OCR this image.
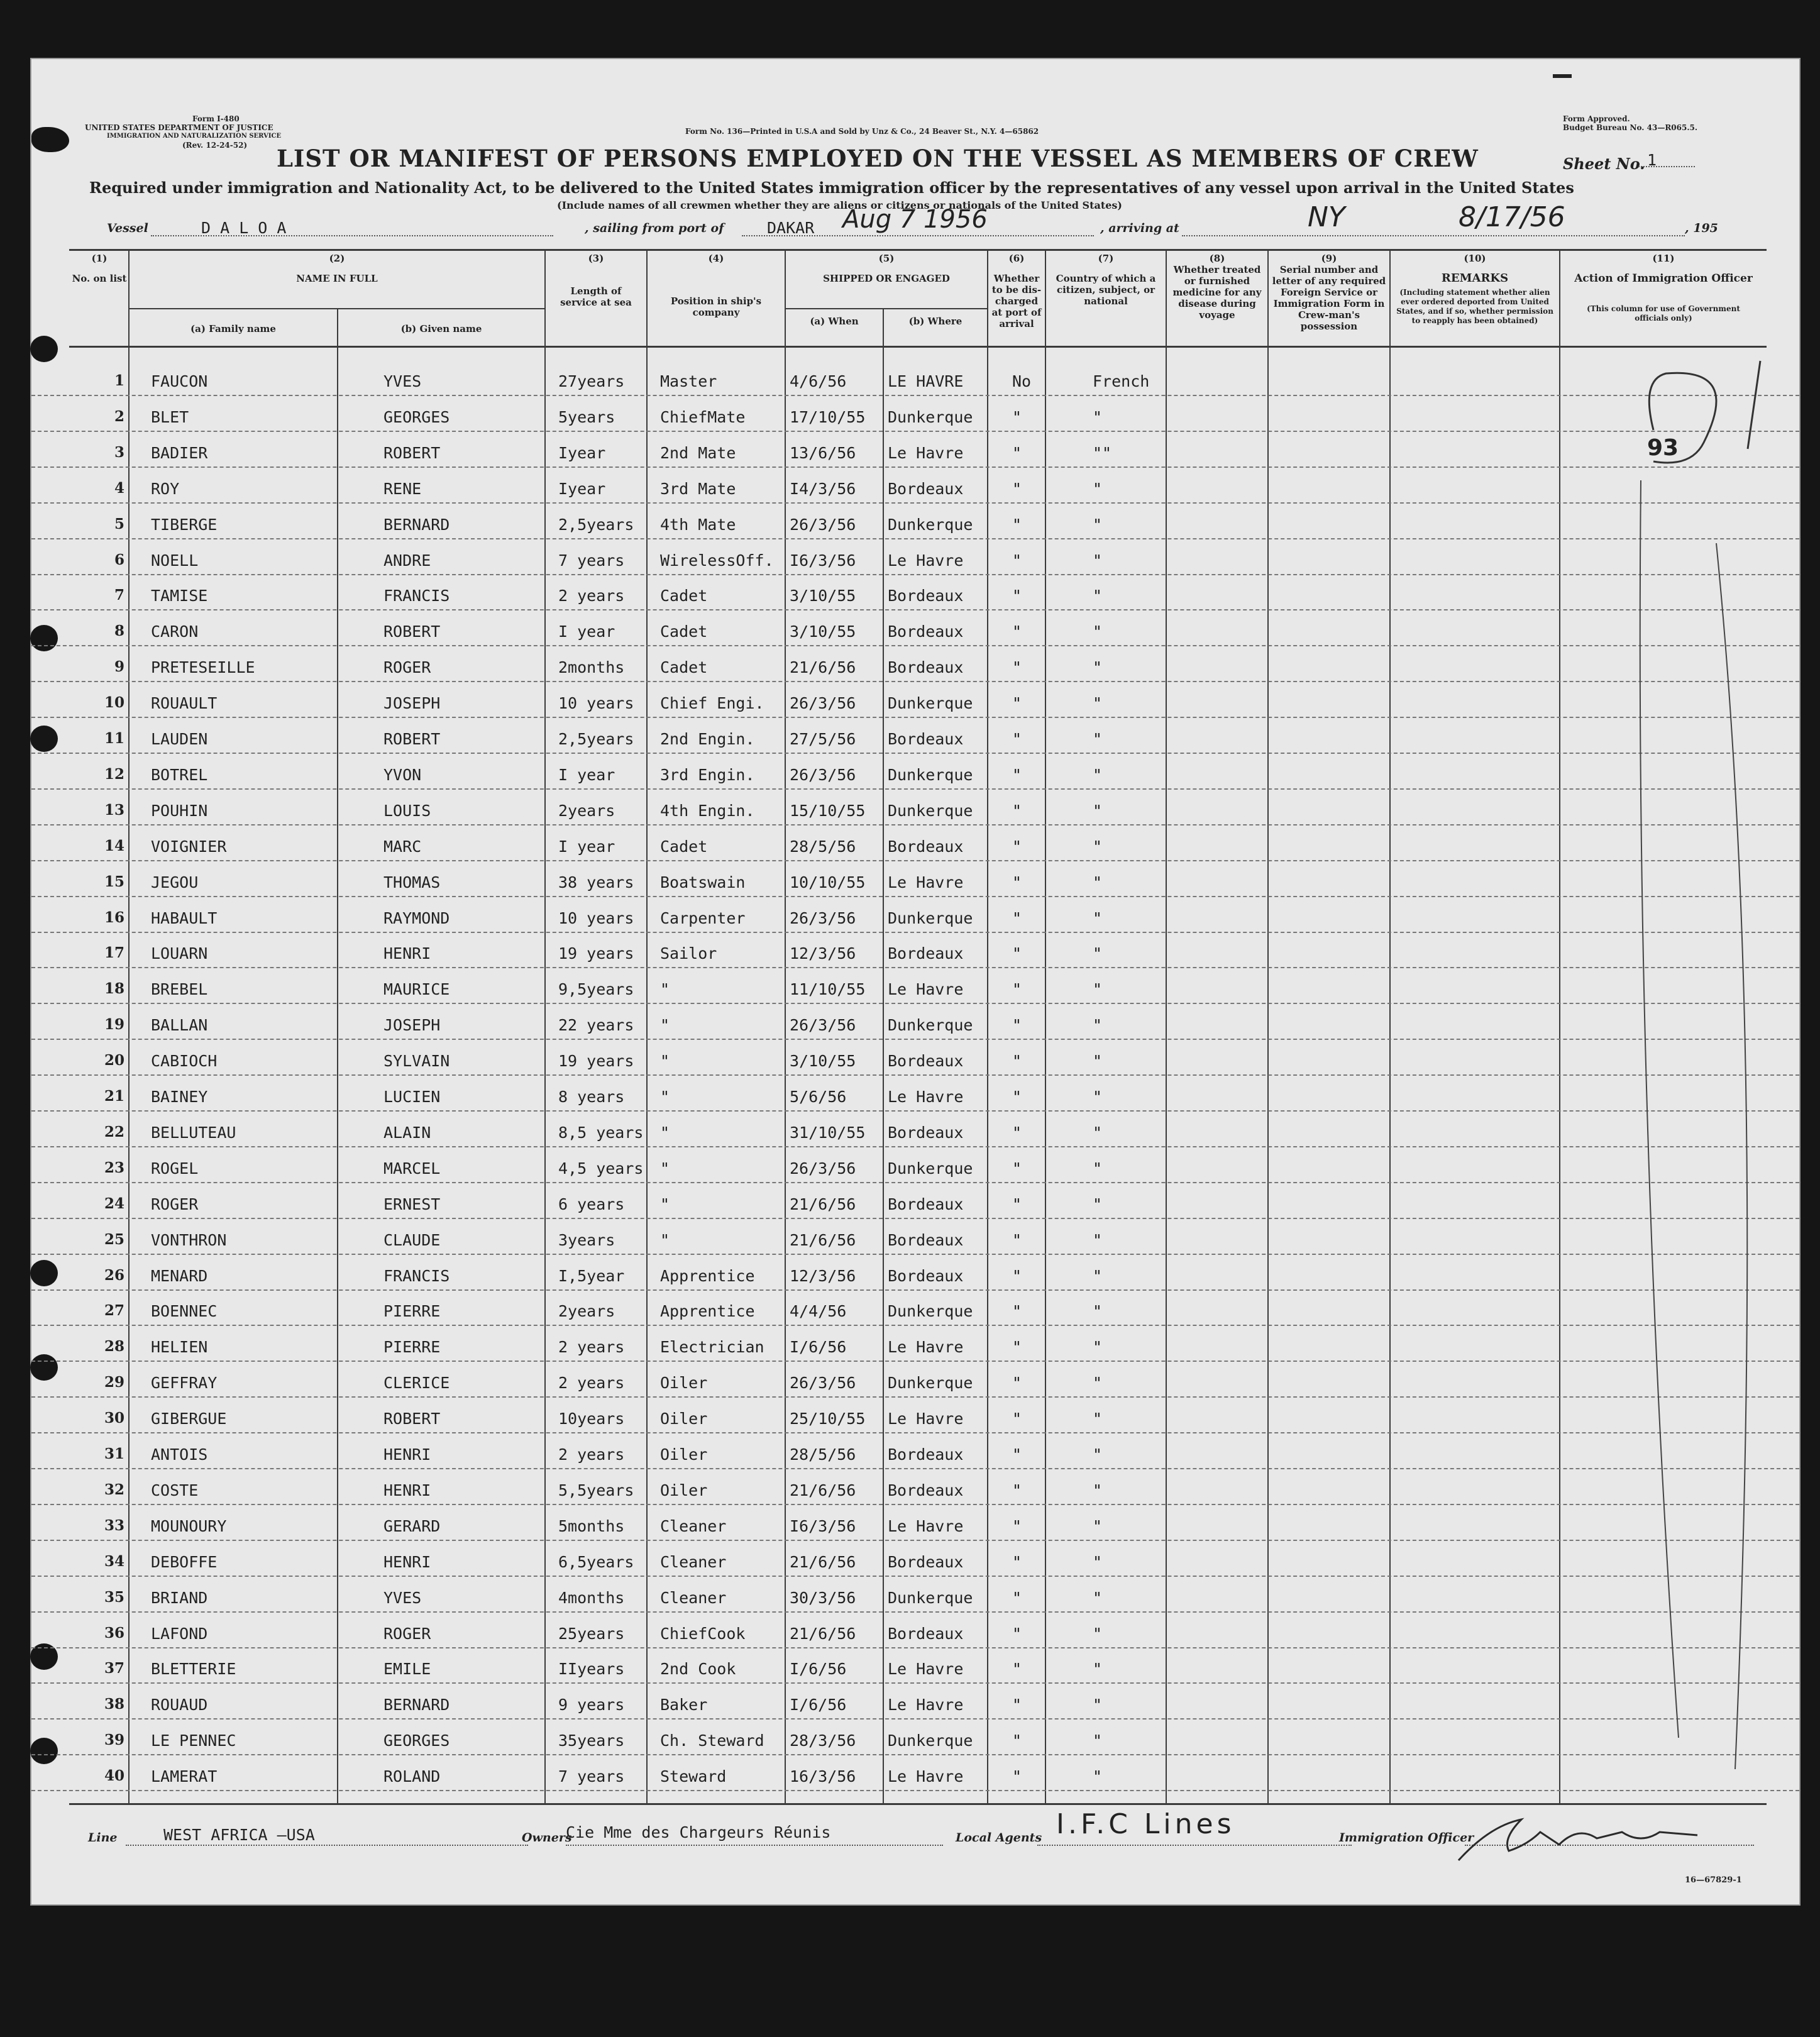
Form I-480
UNITED STATES DEPARTMENT OF JUSTICE
IMMIGRATION AND NATURALIZATION SERVICE
(Rev. 12-24-52)
Form No. 136—Printed in U.S.A and Sold by Unz & Co., 24 Beaver St., N.Y. 4—65862
Form Approved.
Budget Bureau No. 43—R065.5.
LIST OR MANIFEST OF PERSONS EMPLOYED ON THE VESSEL AS MEMBERS OF CREW	Sheet No. 1
Required under immigration and Nationality Act, to be delivered to the United States immigration officer by the representatives of any vessel upon arrival in the United States
(Include names of all crewmen whether they are aliens or citizens or nationals of the United States)
Vessel	D A L O A	, sailing from port of	DAKAR Aug 7 1956	, arriving at	NY	8/17/56	, 195
(1)
No. on list
(2)
NAME IN FULL
(a) Family name	(b) Given name
(3)
Length of service at sea
(4)
Position in ship's company
(5)
SHIPPED OR ENGAGED
(a) When	(b) Where
(6)
Whether to be dis-charged at port of arrival
(7)
Country of which a citizen, subject, or national
(8)
Whether treated or furnished medicine for any disease during voyage
(9)
Serial number and letter of any required Foreign Service or Immigration Form in Crew-man's possession
(10)
REMARKS
(Including statement whether alien ever ordered deported from United States, and if so, whether permission to reapply has been obtained)
(11)
Action of Immigration Officer
(This column for use of Government officials only)
1 FAUCON	YVES	27years	Master	4/6/56	LE HAVRE	No	French
2 BLET	GEORGES	5years	ChiefMate	17/10/55	Dunkerque	"	"
3 BADIER	ROBERT	Iyear	2nd Mate	13/6/56	Le Havre	"	""
4 ROY	RENE	Iyear	3rd Mate	I4/3/56	Bordeaux	"	"
5 TIBERGE	BERNARD	2,5years	4th Mate	26/3/56	Dunkerque	"	"
6 NOELL	ANDRE	7 years	WirelessOff.	I6/3/56	Le Havre	"	"
7 TAMISE	FRANCIS	2 years	Cadet	3/10/55	Bordeaux	"	"
8 CARON	ROBERT	I year	Cadet	3/10/55	Bordeaux	"	"
9 PRETESEILLE	ROGER	2months	Cadet	21/6/56	Bordeaux	"	"
10 ROUAULT	JOSEPH	10 years	Chief Engi.	26/3/56	Dunkerque	"	"
11 LAUDEN	ROBERT	2,5years	2nd Engin.	27/5/56	Bordeaux	"	"
12 BOTREL	YVON	I year	3rd Engin.	26/3/56	Dunkerque	"	"
13 POUHIN	LOUIS	2years	4th Engin.	15/10/55	Dunkerque	"	"
14 VOIGNIER	MARC	I year	Cadet	28/5/56	Bordeaux	"	"
15 JEGOU	THOMAS	38 years	Boatswain	10/10/55	Le Havre	"	"
16 HABAULT	RAYMOND	10 years	Carpenter	26/3/56	Dunkerque	"	"
17 LOUARN	HENRI	19 years	Sailor	12/3/56	Bordeaux	"	"
18 BREBEL	MAURICE	9,5years	"	11/10/55	Le Havre	"	"
19 BALLAN	JOSEPH	22 years	"	26/3/56	Dunkerque	"	"
20 CABIOCH	SYLVAIN	19 years	"	3/10/55	Bordeaux	"	"
21 BAINEY	LUCIEN	8 years	"	5/6/56	Le Havre	"	"
22 BELLUTEAU	ALAIN	8,5 years "	31/10/55	Bordeaux	"	"
23 ROGEL	MARCEL	4,5 years "	26/3/56	Dunkerque	"	"
24 ROGER	ERNEST	6 years	"	21/6/56	Bordeaux	"	"
25 VONTHRON	CLAUDE	3years	"	21/6/56	Bordeaux	"	"
26 MENARD	FRANCIS	I,5year	Apprentice	12/3/56	Bordeaux	"	"
27 BOENNEC	PIERRE	2years	Apprentice	4/4/56	Dunkerque	"	"
28 HELIEN	PIERRE	2 years	Electrician	I/6/56	Le Havre	"	"
29 GEFFRAY	CLERICE	2 years	Oiler	26/3/56	Dunkerque	"	"
30 GIBERGUE	ROBERT	10years	Oiler	25/10/55	Le Havre	"	"
31 ANTOIS	HENRI	2 years	Oiler	28/5/56	Bordeaux	"	"
32 COSTE	HENRI	5,5years	Oiler	21/6/56	Bordeaux	"	"
33 MOUNOURY	GERARD	5months	Cleaner	I6/3/56	Le Havre	"	"
34 DEBOFFE	HENRI	6,5years	Cleaner	21/6/56	Bordeaux	"	"
35 BRIAND	YVES	4months	Cleaner	30/3/56	Dunkerque	"	"
36 LAFOND	ROGER	25years	ChiefCook	21/6/56	Bordeaux	"	"
37 BLETTERIE	EMILE	IIyears	2nd Cook	I/6/56	Le Havre	"	"
38 ROUAUD	BERNARD	9 years	Baker	I/6/56	Le Havre	"	"
39 LE PENNEC	GEORGES	35years	Ch. Steward	28/3/56	Dunkerque	"	"
40 LAMERAT	ROLAND	7 years	Steward	16/3/56	Le Havre	"	"
93
Line	WEST AFRICA —USA	Owners
Cie Mme des Chargeurs Réunis	Local Agents I.F.C Lines	Immigration Officer
16—67829-1
